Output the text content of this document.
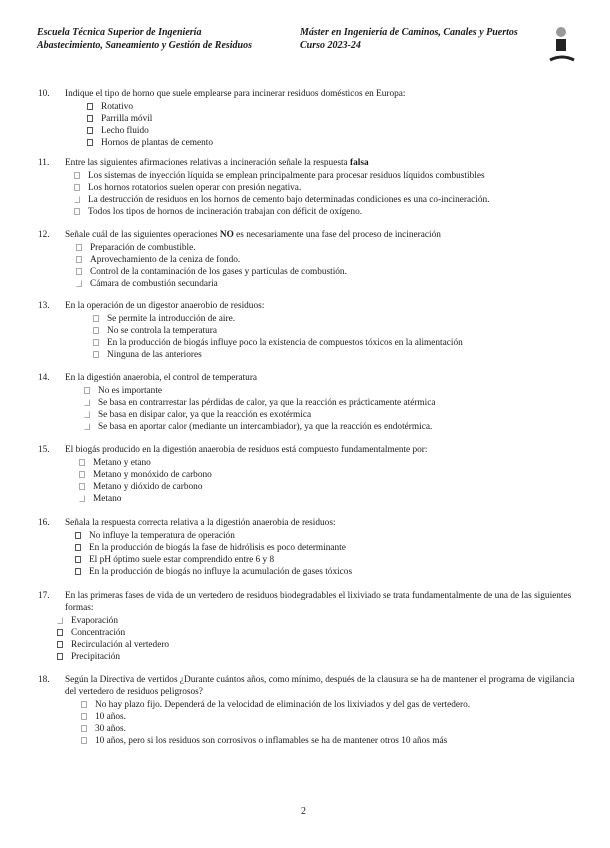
Escuela Técnica Superior de Ingeniería
Abastecimiento, Saneamiento y Gestión de Residuos
Máster en Ingeniería de Caminos, Canales y Puertos
Curso 2023-24
10. Indique el tipo de horno que suele emplearse para incinerar residuos domésticos en Europa:
Rotativo
Parrilla móvil
Lecho fluido
Hornos de plantas de cemento
11. Entre las siguientes afirmaciones relativas a incineración señale la respuesta falsa
Los sistemas de inyección líquida se emplean principalmente para procesar residuos líquidos combustibles
Los hornos rotatorios suelen operar con presión negativa.
La destrucción de residuos en los hornos de cemento bajo determinadas condiciones es una co-incineración.
Todos los tipos de hornos de incineración trabajan con déficit de oxígeno.
12. Señale cuál de las siguientes operaciones NO es necesariamente una fase del proceso de incineración
Preparación de combustible.
Aprovechamiento de la ceniza de fondo.
Control de la contaminación de los gases y partículas de combustión.
Cámara de combustión secundaria
13. En la operación de un digestor anaerobio de residuos:
Se permite la introducción de aire.
No se controla la temperatura
En la producción de biogás influye poco la existencia de compuestos tóxicos en la alimentación
Ninguna de las anteriores
14. En la digestión anaerobia, el control de temperatura
No es importante
Se basa en contrarrestar las pérdidas de calor, ya que la reacción es prácticamente atérmica
Se basa en disipar calor, ya que la reacción es exotérmica
Se basa en aportar calor (mediante un intercambiador), ya que la reacción es endotérmica.
15. El biogás producido en la digestión anaerobia de residuos está compuesto fundamentalmente por:
Metano y etano
Metano y monóxido de carbono
Metano y dióxido de carbono
Metano
16. Señala la respuesta correcta relativa a la digestión anaerobia de residuos:
No influye la temperatura de operación
En la producción de biogás la fase de hidrólisis es poco determinante
El pH óptimo suele estar comprendido entre 6 y 8
En la producción de biogás no influye la acumulación de gases tóxicos
17. En las primeras fases de vida de un vertedero de residuos biodegradables el lixiviado se trata fundamentalmente de una de las siguientes formas:
Evaporación
Concentración
Recirculación al vertedero
Precipitación
18. Según la Directiva de vertidos ¿Durante cuántos años, como mínimo, después de la clausura se ha de mantener el programa de vigilancia del vertedero de residuos peligrosos?
No hay plazo fijo. Dependerá de la velocidad de eliminación de los lixiviados y del gas de vertedero.
10 años.
30 años.
10 años, pero si los residuos son corrosivos o inflamables se ha de mantener otros 10 años más
2
